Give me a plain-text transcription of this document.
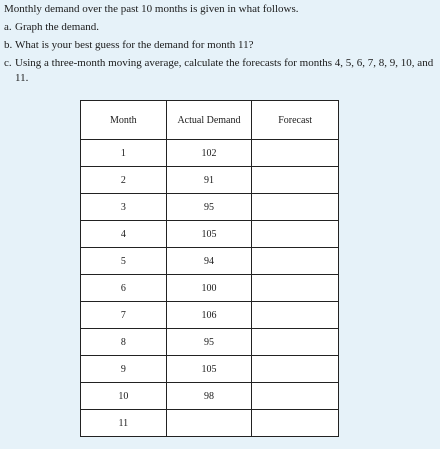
Monthly demand over the past 10 months is given in what follows.

a. Graph the demand.
b. What is your best guess for the demand for month 11?
c. Using a three-month moving average, calculate the forecasts for months 4, 5, 6, 7, 8, 9, 10, and 11.
Month	Actual Demand	Forecast
1	102	
2	91	
3	95	
4	105	
5	94	
6	100	
7	106	
8	95	
9	105	
10	98	
11		
